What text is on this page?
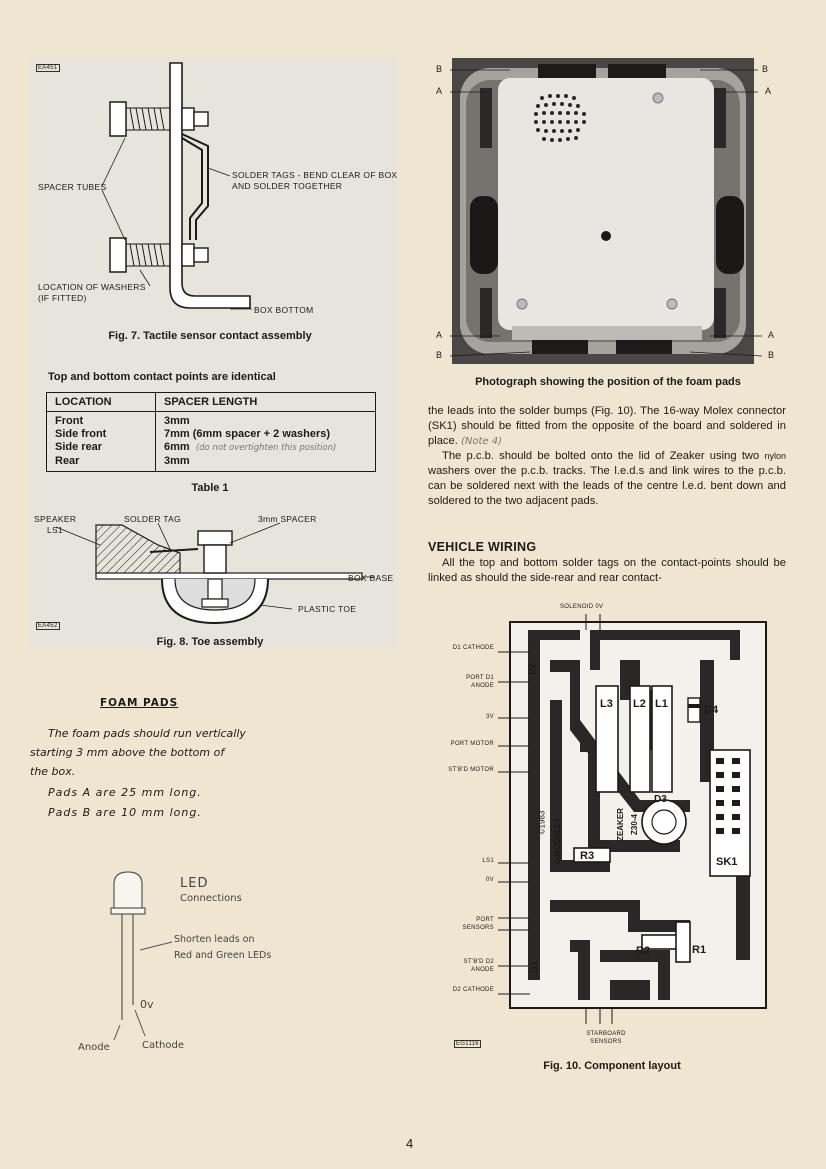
EA451
SPACER TUBES
SOLDER TAGS - BEND CLEAR OF BOX AND SOLDER TOGETHER
LOCATION OF WASHERS (IF FITTED)
BOX BOTTOM
Fig. 7. Tactile sensor contact assembly
Top and bottom contact points are identical
LOCATION	SPACER LENGTH
Front	3mm
Side front	7mm (6mm spacer + 2 washers)
Side rear	6mm (do not overtighten this position)
Rear	3mm
Table 1
SPEAKER LS1
SOLDER TAG	3mm SPACER
BOX BASE
PLASTIC TOE
EA452
Fig. 8. Toe assembly
FOAM PADS
The foam pads should run vertically
starting 3 mm above the bottom of
the box.
Pads A are 25 mm long.
Pads B are 10 mm long.
LED
Connections
Shorten leads on
Red and Green LEDs
0v
Anode	Cathode
B
A
B
A
A
B
A
B
Photograph showing the position of the foam pads

the leads into the solder bumps (Fig. 10). The 16-way Molex connector (SK1) should be fitted from the opposite of the board and soldered in place. (Note 4)

The p.c.b. should be bolted onto the lid of Zeaker using two nylon washers over the p.c.b. tracks. The l.e.d.s and link wires to the p.c.b. can be soldered next with the leads of the centre l.e.d. bent down and soldered to the two adjacent pads.

VEHICLE WIRING

All the top and bottom solder tags on the contact-points should be linked as should the side-rear and rear contact-

SOLENOID 0V
D1 CATHODE
PORT D1 ANODE
3V
PORT MOTOR
ST'B'D MOTOR
LS1
0V
PORT SENSORS
ST'B'D D2 ANODE
D2 CATHODE
STARBOARD SENSORS
L3 L2 L1	D4
D3
R3	SK1
R2	R1
D1
D2
ZEAKER Z30-4
©1983 D.BUCKLEY
EG1116
Fig. 10. Component layout
4
